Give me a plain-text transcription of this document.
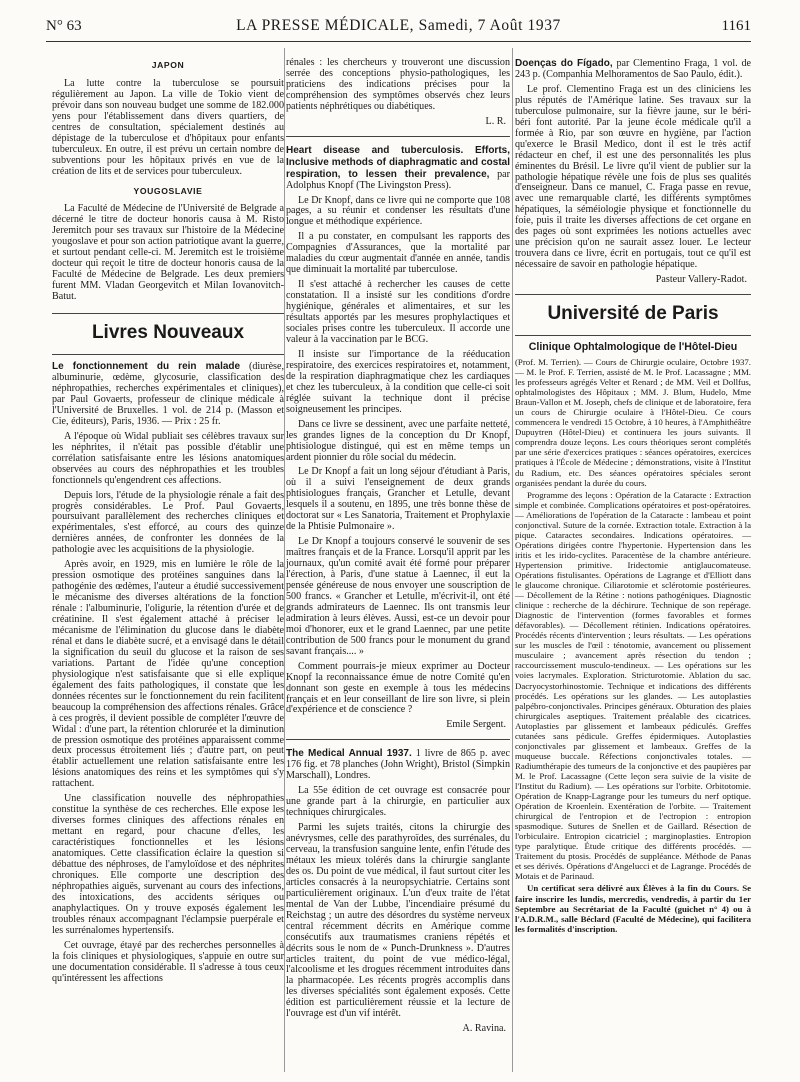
N° 63	LA PRESSE MÉDICALE, Samedi, 7 Août 1937	1161
JAPON

La lutte contre la tuberculose se poursuit régulièrement au Japon. La ville de Tokio vient de prévoir dans son nouveau budget une somme de 182.000 yens pour l'établissement dans divers quartiers, de centres de consultation, spécialement destinés au dépistage de la tuberculose et d'hôpitaux pour enfants tuberculeux. En outre, il est prévu un certain nombre de subventions pour les hôpitaux privés en vue de la création de lits et de services pour tuberculeux.

YOUGOSLAVIE

La Faculté de Médecine de l'Université de Belgrade a décerné le titre de docteur honoris causa à M. Risto Jeremitch pour ses travaux sur l'histoire de la Médecine yougoslave et pour son action patriotique avant la guerre, et surtout pendant celle-ci. M. Jeremitch est le troisième docteur qui reçoit le titre de docteur honoris causa de la Faculté de Médecine de Belgrade. Les deux premiers furent MM. Vladan Georgevitch et Milan Iovanovitch-Batut.

Livres Nouveaux

Le fonctionnement du rein malade (diurèse, albuminurie, œdème, glycosurie, classification des néphropathies, recherches expérimentales et cliniques), par Paul Govaerts, professeur de clinique médicale à l'Université de Bruxelles. 1 vol. de 214 p. (Masson et Cie, éditeurs), Paris, 1936. — Prix : 25 fr.

A l'époque où Widal publiait ses célèbres travaux sur les néphrites, il n'était pas possible d'établir une corrélation satisfaisante entre les lésions anatomiques observées au cours des néphropathies et les troubles fonctionnels qu'engendrent ces affections.

Depuis lors, l'étude de la physiologie rénale a fait des progrès considérables. Le Prof. Paul Govaerts, poursuivant parallèlement des recherches cliniques et expérimentales, s'est efforcé, au cours des quinze dernières années, de confronter les données de la pathologie avec les acquisitions de la physiologie.

Après avoir, en 1929, mis en lumière le rôle de la pression osmotique des protéines sanguines dans la pathogénie des œdèmes, l'auteur a étudié successivement le mécanisme des diverses altérations de la fonction rénale : l'albuminurie, l'oligurie, la rétention d'urée et de créatinine. Il s'est également attaché à préciser le mécanisme de l'élimination du glucose dans le diabète rénal et dans le diabète sucré, et a envisagé dans le détail la signification du seuil du glucose et la raison de ses variations. Partant de l'idée qu'une conception physiologique n'est satisfaisante que si elle explique également des faits pathologiques, il constate que les données récentes sur le fonctionnement du rein facilitent beaucoup la compréhension des affections rénales. Grâce à ces progrès, il devient possible de compléter l'œuvre de Widal : d'une part, la rétention chlorurée et la diminution de pression osmotique des protéines apparaissent comme deux processus étroitement liés ; d'autre part, on peut établir actuellement une relation satisfaisante entre les lésions anatomiques des reins et les symptômes qui s'y rattachent.

Une classification nouvelle des néphropathies constitue la synthèse de ces recherches. Elle expose les diverses formes cliniques des affections rénales en mettant en regard, pour chacune d'elles, les caractéristiques fonctionnelles et les lésions anatomiques. Cette classification éclaire la question si débattue des néphroses, de l'amyloïdose et des néphrites chroniques. Elle comporte une description des néphropathies aiguës, survenant au cours des infections, des intoxications, des accidents sériques ou anaphylactiques. On y trouve exposés également les troubles rénaux accompagnant l'éclampsie puerpérale et les surrénalomes hypertensifs.

Cet ouvrage, étayé par des recherches personnelles à la fois cliniques et physiologiques, s'appuie en outre sur une documentation considérable. Il s'adresse à tous ceux qu'intéressent les affections

rénales : les chercheurs y trouveront une discussion serrée des conceptions physio-pathologiques, les praticiens des indications précises pour la compréhension des symptômes observés chez leurs patients néphrétiques ou diabétiques.

L. R.

Heart disease and tuberculosis. Efforts, Inclusive methods of diaphragmatic and costal respiration, to lessen their prevalence, par Adolphus Knopf (The Livingston Press).

Le Dr Knopf, dans ce livre qui ne comporte que 108 pages, a su réunir et condenser les résultats d'une longue et méthodique expérience.

Il a pu constater, en compulsant les rapports des Compagnies d'Assurances, que la mortalité par maladies du cœur augmentait d'année en année, tandis que diminuait la mortalité par tuberculose.

Il s'est attaché à rechercher les causes de cette constatation. Il a insisté sur les conditions d'ordre hygiénique, générales et alimentaires, et sur les résultats apportés par les mesures prophylactiques et sociales prises contre les tuberculeux. Il accorde une valeur à la vaccination par le BCG.

Il insiste sur l'importance de la rééducation respiratoire, des exercices respiratoires et, notamment, de la respiration diaphragmatique chez les cardiaques et chez les tuberculeux, à la condition que celle-ci soit réglée suivant la technique dont il précise soigneusement les principes.

Dans ce livre se dessinent, avec une parfaite netteté, les grandes lignes de la conception du Dr Knopf, phtisiologue distingué, qui est en même temps un ardent pionnier du rôle social du médecin.

Le Dr Knopf a fait un long séjour d'étudiant à Paris, où il a suivi l'enseignement de deux grands phtisiologues français, Grancher et Letulle, devant lesquels il a soutenu, en 1895, une très bonne thèse de doctorat sur « Les Sanatoria, Traitement et Prophylaxie de la Phtisie Pulmonaire ».

Le Dr Knopf a toujours conservé le souvenir de ses maîtres français et de la France. Lorsqu'il apprit par les journaux, qu'un comité avait été formé pour préparer l'érection, à Paris, d'une statue à Laennec, il eut la pensée généreuse de nous envoyer une souscription de 500 francs. « Grancher et Letulle, m'écrivit-il, ont été grands admirateurs de Laennec. Ils ont transmis leur admiration à leurs élèves. Aussi, est-ce un devoir pour moi d'honorer, eux et le grand Laennec, par une petite contribution de 500 francs pour le monument du grand savant français.... »

Comment pourrais-je mieux exprimer au Docteur Knopf la reconnaissance émue de notre Comité qu'en donnant son geste en exemple à tous les médecins français et en leur conseillant de lire son livre, si plein d'expérience et de conscience ?

Emile Sergent.

The Medical Annual 1937. 1 livre de 865 p. avec 176 fig. et 78 planches (John Wright), Bristol (Simpkin Marschall), Londres.

La 55e édition de cet ouvrage est consacrée pour une grande part à la chirurgie, en particulier aux techniques chirurgicales.

Parmi les sujets traités, citons la chirurgie des anévrysmes, celle des parathyroïdes, des surrénales, du cerveau, la transfusion sanguine lente, enfin l'étude des métaux les mieux tolérés dans la chirurgie sanglante des os. Du point de vue médical, il faut surtout citer les articles consacrés à la neuropsychiatrie. Certains sont particulièrement originaux. L'un d'eux traite de l'état mental de Van der Lubbe, l'incendiaire présumé du Reichstag ; un autre des désordres du système nerveux central récemment décrits en Amérique comme consécutifs aux traumatismes craniens répétés et décrits sous le nom de « Punch-Drunkness ». D'autres articles traitent, du point de vue médico-légal, l'alcoolisme et les drogues récemment introduites dans la pharmacopée. Les récents progrès accomplis dans les diverses spécialités sont également exposés. Cette édition est particulièrement réussie et la lecture de l'ouvrage est d'un vif intérêt.

A. Ravina.

Doenças do Fígado, par Clementino Fraga, 1 vol. de 243 p. (Companhia Melhoramentos de Sao Paulo, édit.).

Le prof. Clementino Fraga est un des cliniciens les plus réputés de l'Amérique latine. Ses travaux sur la tuberculose pulmonaire, sur la fièvre jaune, sur le béri-béri font autorité. Par la jeune école médicale qu'il a formée à Rio, par son œuvre en hygiène, par l'action qu'exerce le Brasil Medico, dont il est le très actif rédacteur en chef, il est une des personnalités les plus éminentes du Brésil. Le livre qu'il vient de publier sur la pathologie hépatique révèle une fois de plus ses qualités d'enseigneur. Dans ce manuel, C. Fraga passe en revue, avec une remarquable clarté, les différents symptômes hépatiques, la séméiologie physique et fonctionnelle du foie, puis il traite les diverses affections de cet organe en des pages où sont exprimées les notions actuelles avec une précision qu'on ne saurait assez louer. Le lecteur trouvera dans ce livre, écrit en portugais, tout ce qu'il est nécessaire de savoir en pathologie hépatique.

Pasteur Vallery-Radot.

Université de Paris
Clinique Ophtalmologique de l'Hôtel-Dieu

(Prof. M. Terrien). — Cours de Chirurgie oculaire, Octobre 1937. — M. le Prof. F. Terrien, assisté de M. le Prof. Lacassagne ; MM. les professeurs agrégés Velter et Renard ; de MM. Veil et Dollfus, ophtalmologistes des Hôpitaux ; MM. J. Blum, Hudelo, Mme Braun-Vallon et M. Joseph, chefs de clinique et de laboratoire, fera un cours de Chirurgie oculaire à l'Hôtel-Dieu. Ce cours commencera le vendredi 15 Octobre, à 10 heures, à l'Amphithéâtre Dupuytren (Hôtel-Dieu) et continuera les jours suivants. Il comprendra douze leçons. Les cours théoriques seront complétés par une série d'exercices pratiques : séances opératoires, exercices pratiques à l'École de Médecine ; démonstrations, visite à l'Institut du Radium, etc. Des séances opératoires spéciales seront organisées pendant la durée du cours.

Programme des leçons : Opération de la Cataracte : Extraction simple et combinée. Complications opératoires et post-opératoires. — Améliorations de l'opération de la Cataracte : lambeau et point conjonctival. Suture de la cornée. Extraction totale. Extraction à la pique. Cataractes secondaires. Indications opératoires. — Opérations dirigées contre l'hypertonie. Hypertension dans les iritis et les irido-cyclites. Paracentèse de la chambre antérieure. Hypertension primitive. Iridectomie antiglaucomateuse. Opérations fistulisantes. Opérations de Lagrange et d'Elliott dans le glaucome chronique. Ciliarotomie et sclérotomie postérieures. — Décollement de la Rétine : notions pathogéniques. Diagnostic clinique : recherche de la déchirure. Technique de son repérage. Diagnostic de l'intervention (formes favorables et formes défavorables). — Décollement rétinien. Indications opératoires. Procédés récents d'intervention ; leurs résultats. — Les opérations sur les muscles de l'œil : ténotomie, avancement ou plissement musculaire ; avancement après résection du tendon ; raccourcissement musculo-tendineux. — Les opérations sur les voies lacrymales. Exploration. Stricturotomie. Ablation du sac. Dacryocystorhinostomie. Technique et indications des différents procédés. Les opérations sur les glandes. — Les autoplasties palpébro-conjonctivales. Principes généraux. Obturation des plaies chirurgicales aseptiques. Traitement préalable des cicatrices. Autoplasties par glissement et lambeaux pédiculés. Greffes cutanées sans pédicule. Greffes épidermiques. Autoplasties conjonctivales par glissement et lambeaux. Greffes de la muqueuse buccale. Réfections conjonctivales totales. — Radiumthérapie des tumeurs de la conjonctive et des paupières par M. le Prof. Lacassagne (Cette leçon sera suivie de la visite de l'Institut du Radium). — Les opérations sur l'orbite. Orbitotomie. Opération de Knapp-Lagrange pour les tumeurs du nerf optique. Opération de Kroenlein. Exentération de l'orbite. — Traitement chirurgical de l'entropion et de l'ectropion : entropion spasmodique. Sutures de Snellen et de Gaillard. Résection de l'orbiculaire. Entropion cicatriciel ; marginoplasties. Entropion type paralytique. Étude critique des différents procédés. — Traitement du ptosis. Procédés de suppléance. Méthode de Panas et ses dérivés. Opérations d'Angelucci et de Lagrange. Procédés de Motais et de Parinaud.

Un certificat sera délivré aux Élèves à la fin du Cours. Se faire inscrire les lundis, mercredis, vendredis, à partir du 1er Septembre au Secrétariat de la Faculté (guichet n° 4) ou à l'A.D.R.M., salle Béclard (Faculté de Médecine), qui facilitera les formalités d'inscription.
